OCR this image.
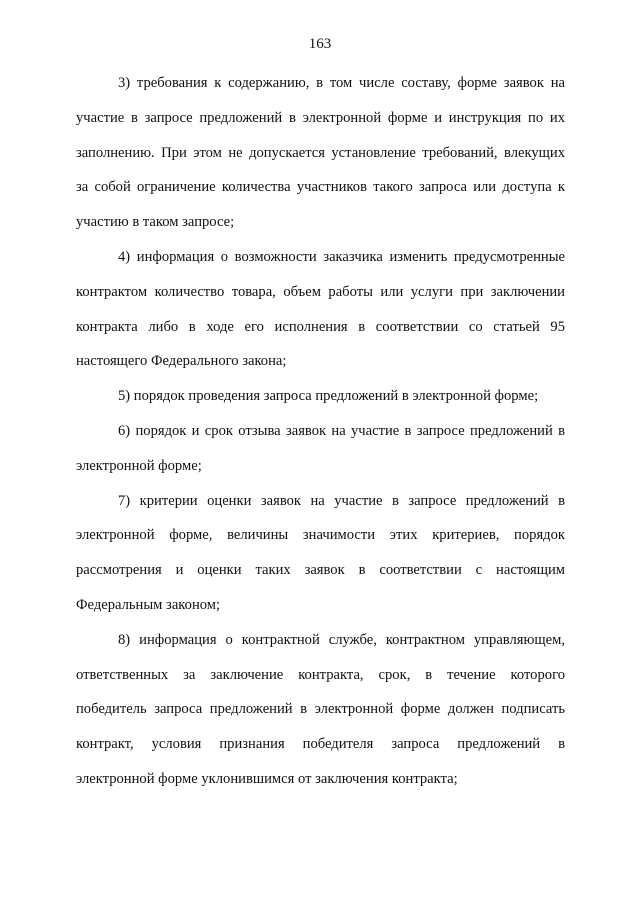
163
3) требования к содержанию, в том числе составу, форме заявок на
участие в запросе предложений в электронной форме и инструкция по их
заполнению. При этом не допускается установление требований, влекущих
за собой ограничение количества участников такого запроса или доступа к
участию в таком запросе;
4) информация о возможности заказчика изменить предусмотренные
контрактом количество товара, объем работы или услуги при заключении
контракта либо в ходе его исполнения в соответствии со статьей 95
настоящего Федерального закона;
5) порядок проведения запроса предложений в электронной форме;
6) порядок и срок отзыва заявок на участие в запросе предложений в
электронной форме;
7) критерии оценки заявок на участие в запросе предложений в
электронной форме, величины значимости этих критериев, порядок
рассмотрения и оценки таких заявок в соответствии с настоящим
Федеральным законом;
8) информация о контрактной службе, контрактном управляющем,
ответственных за заключение контракта, срок, в течение которого
победитель запроса предложений в электронной форме должен подписать
контракт, условия признания победителя запроса предложений в
электронной форме уклонившимся от заключения контракта;
